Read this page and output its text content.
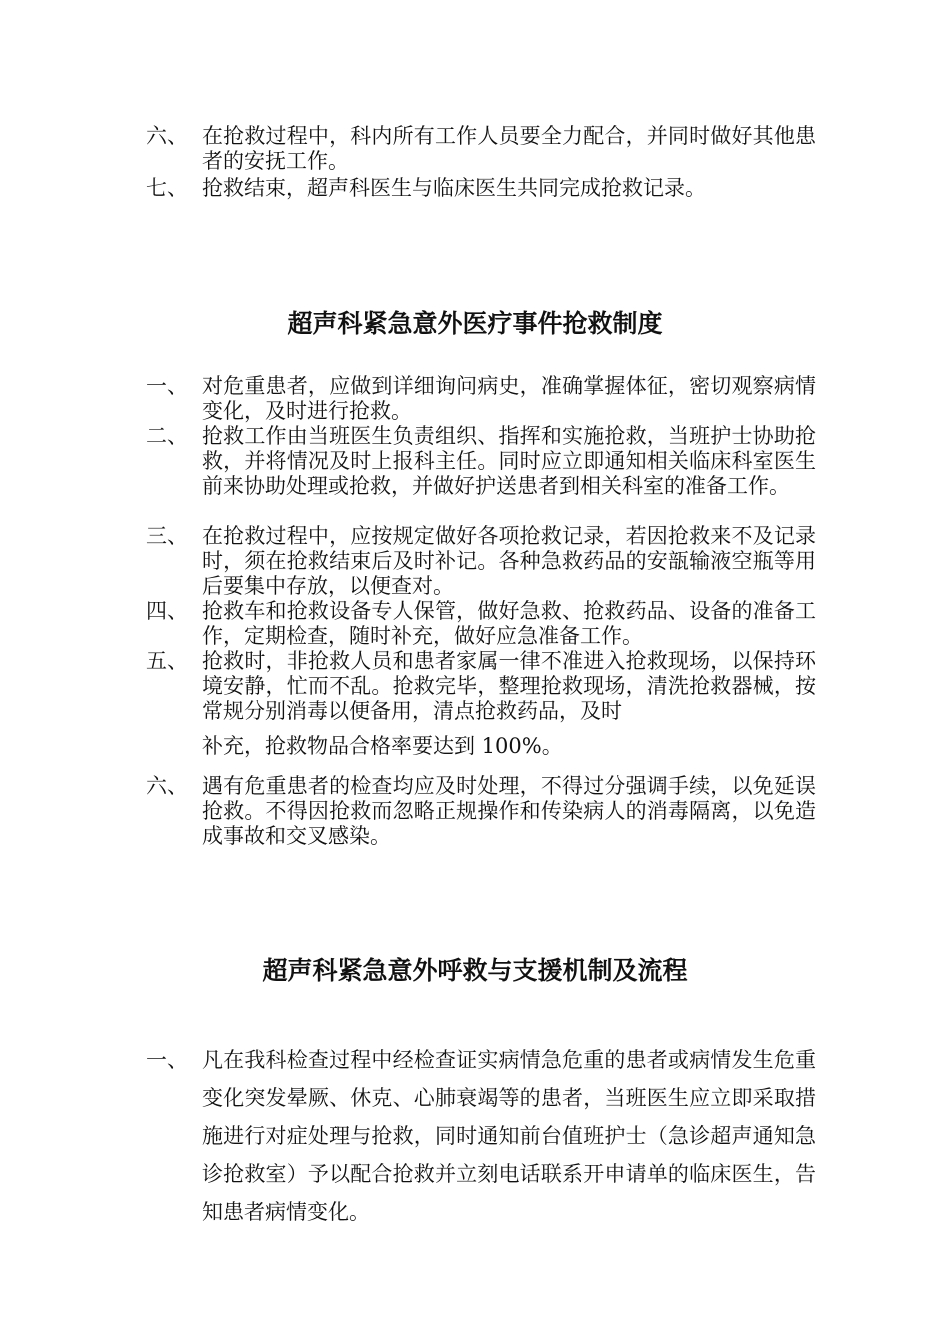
六、 在抢救过程中，科内所有工作人员要全力配合，并同时做好其他患者的安抚工作。
七、 抢救结束，超声科医生与临床医生共同完成抢救记录。
超声科紧急意外医疗事件抢救制度
一、 对危重患者，应做到详细询问病史，准确掌握体征，密切观察病情变化，及时进行抢救。
二、 抢救工作由当班医生负责组织、指挥和实施抢救，当班护士协助抢救，并将情况及时上报科主任。同时应立即通知相关临床科室医生前来协助处理或抢救，并做好护送患者到相关科室的准备工作。
三、 在抢救过程中，应按规定做好各项抢救记录，若因抢救来不及记录时，须在抢救结束后及时补记。各种急救药品的安瓿输液空瓶等用后要集中存放，以便查对。
四、 抢救车和抢救设备专人保管，做好急救、抢救药品、设备的准备工作，定期检查，随时补充，做好应急准备工作。
五、 抢救时，非抢救人员和患者家属一律不准进入抢救现场，以保持环境安静，忙而不乱。抢救完毕，整理抢救现场，清洗抢救器械，按常规分别消毒以便备用，清点抢救药品，及时
补充，抢救物品合格率要达到 100%。
六、 遇有危重患者的检查均应及时处理，不得过分强调手续，以免延误抢救。不得因抢救而忽略正规操作和传染病人的消毒隔离，以免造成事故和交叉感染。
超声科紧急意外呼救与支援机制及流程
一、 凡在我科检查过程中经检查证实病情急危重的患者或病情发生危重变化突发晕厥、休克、心肺衰竭等的患者，当班医生应立即采取措施进行对症处理与抢救，同时通知前台值班护士（急诊超声通知急诊抢救室）予以配合抢救并立刻电话联系开申请单的临床医生，告知患者病情变化。
